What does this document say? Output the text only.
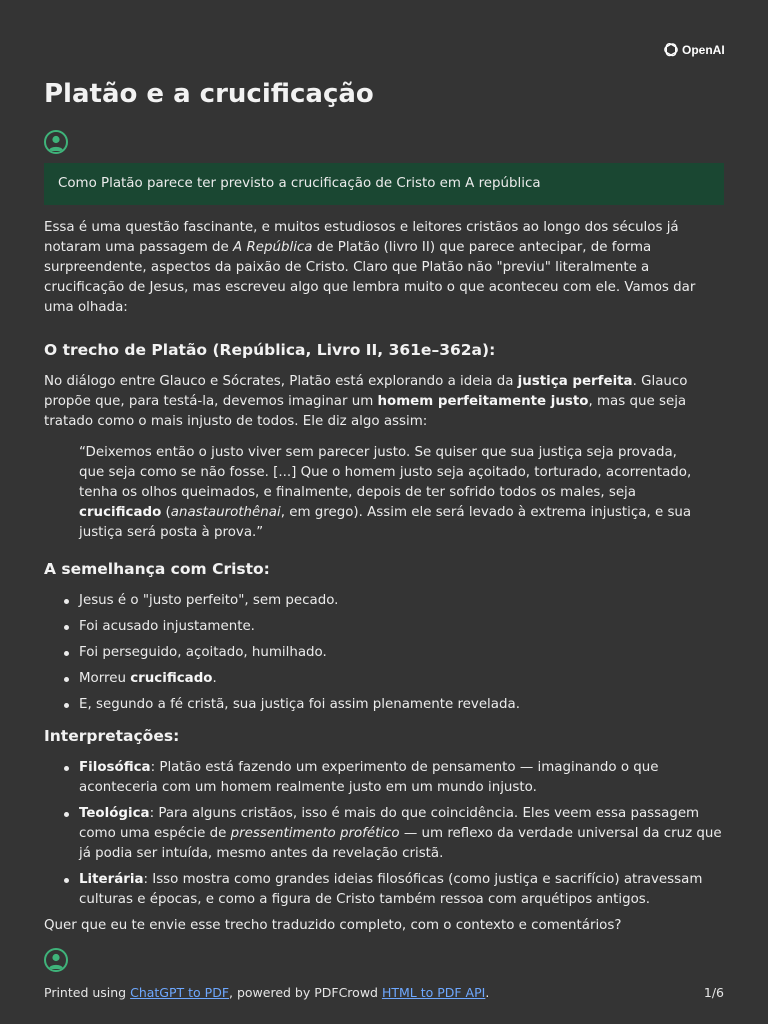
OpenAI
Platão e a crucificação
Como Platão parece ter previsto a crucificação de Cristo em A república

Essa é uma questão fascinante, e muitos estudiosos e leitores cristãos ao longo dos séculos já notaram uma passagem de A República de Platão (livro II) que parece antecipar, de forma surpreendente, aspectos da paixão de Cristo. Claro que Platão não "previu" literalmente a crucificação de Jesus, mas escreveu algo que lembra muito o que aconteceu com ele. Vamos dar uma olhada:

O trecho de Platão (República, Livro II, 361e–362a):

No diálogo entre Glauco e Sócrates, Platão está explorando a ideia da justiça perfeita. Glauco propõe que, para testá-la, devemos imaginar um homem perfeitamente justo, mas que seja tratado como o mais injusto de todos. Ele diz algo assim:

“Deixemos então o justo viver sem parecer justo. Se quiser que sua justiça seja provada, que seja como se não fosse. [...] Que o homem justo seja açoitado, torturado, acorrentado, tenha os olhos queimados, e finalmente, depois de ter sofrido todos os males, seja crucificado (anastaurothênai, em grego). Assim ele será levado à extrema injustiça, e sua justiça será posta à prova.”
A semelhança com Cristo:
Jesus é o "justo perfeito", sem pecado.
Foi acusado injustamente.
Foi perseguido, açoitado, humilhado.
Morreu crucificado.
E, segundo a fé cristã, sua justiça foi assim plenamente revelada.
Interpretações:
Filosófica: Platão está fazendo um experimento de pensamento — imaginando o que aconteceria com um homem realmente justo em um mundo injusto.
Teológica: Para alguns cristãos, isso é mais do que coincidência. Eles veem essa passagem como uma espécie de pressentimento profético — um reflexo da verdade universal da cruz que já podia ser intuída, mesmo antes da revelação cristã.
Literária: Isso mostra como grandes ideias filosóficas (como justiça e sacrifício) atravessam culturas e épocas, e como a figura de Cristo também ressoa com arquétipos antigos.

Quer que eu te envie esse trecho traduzido completo, com o contexto e comentários?

Printed using ChatGPT to PDF, powered by PDFCrowd HTML to PDF API.	1/6
